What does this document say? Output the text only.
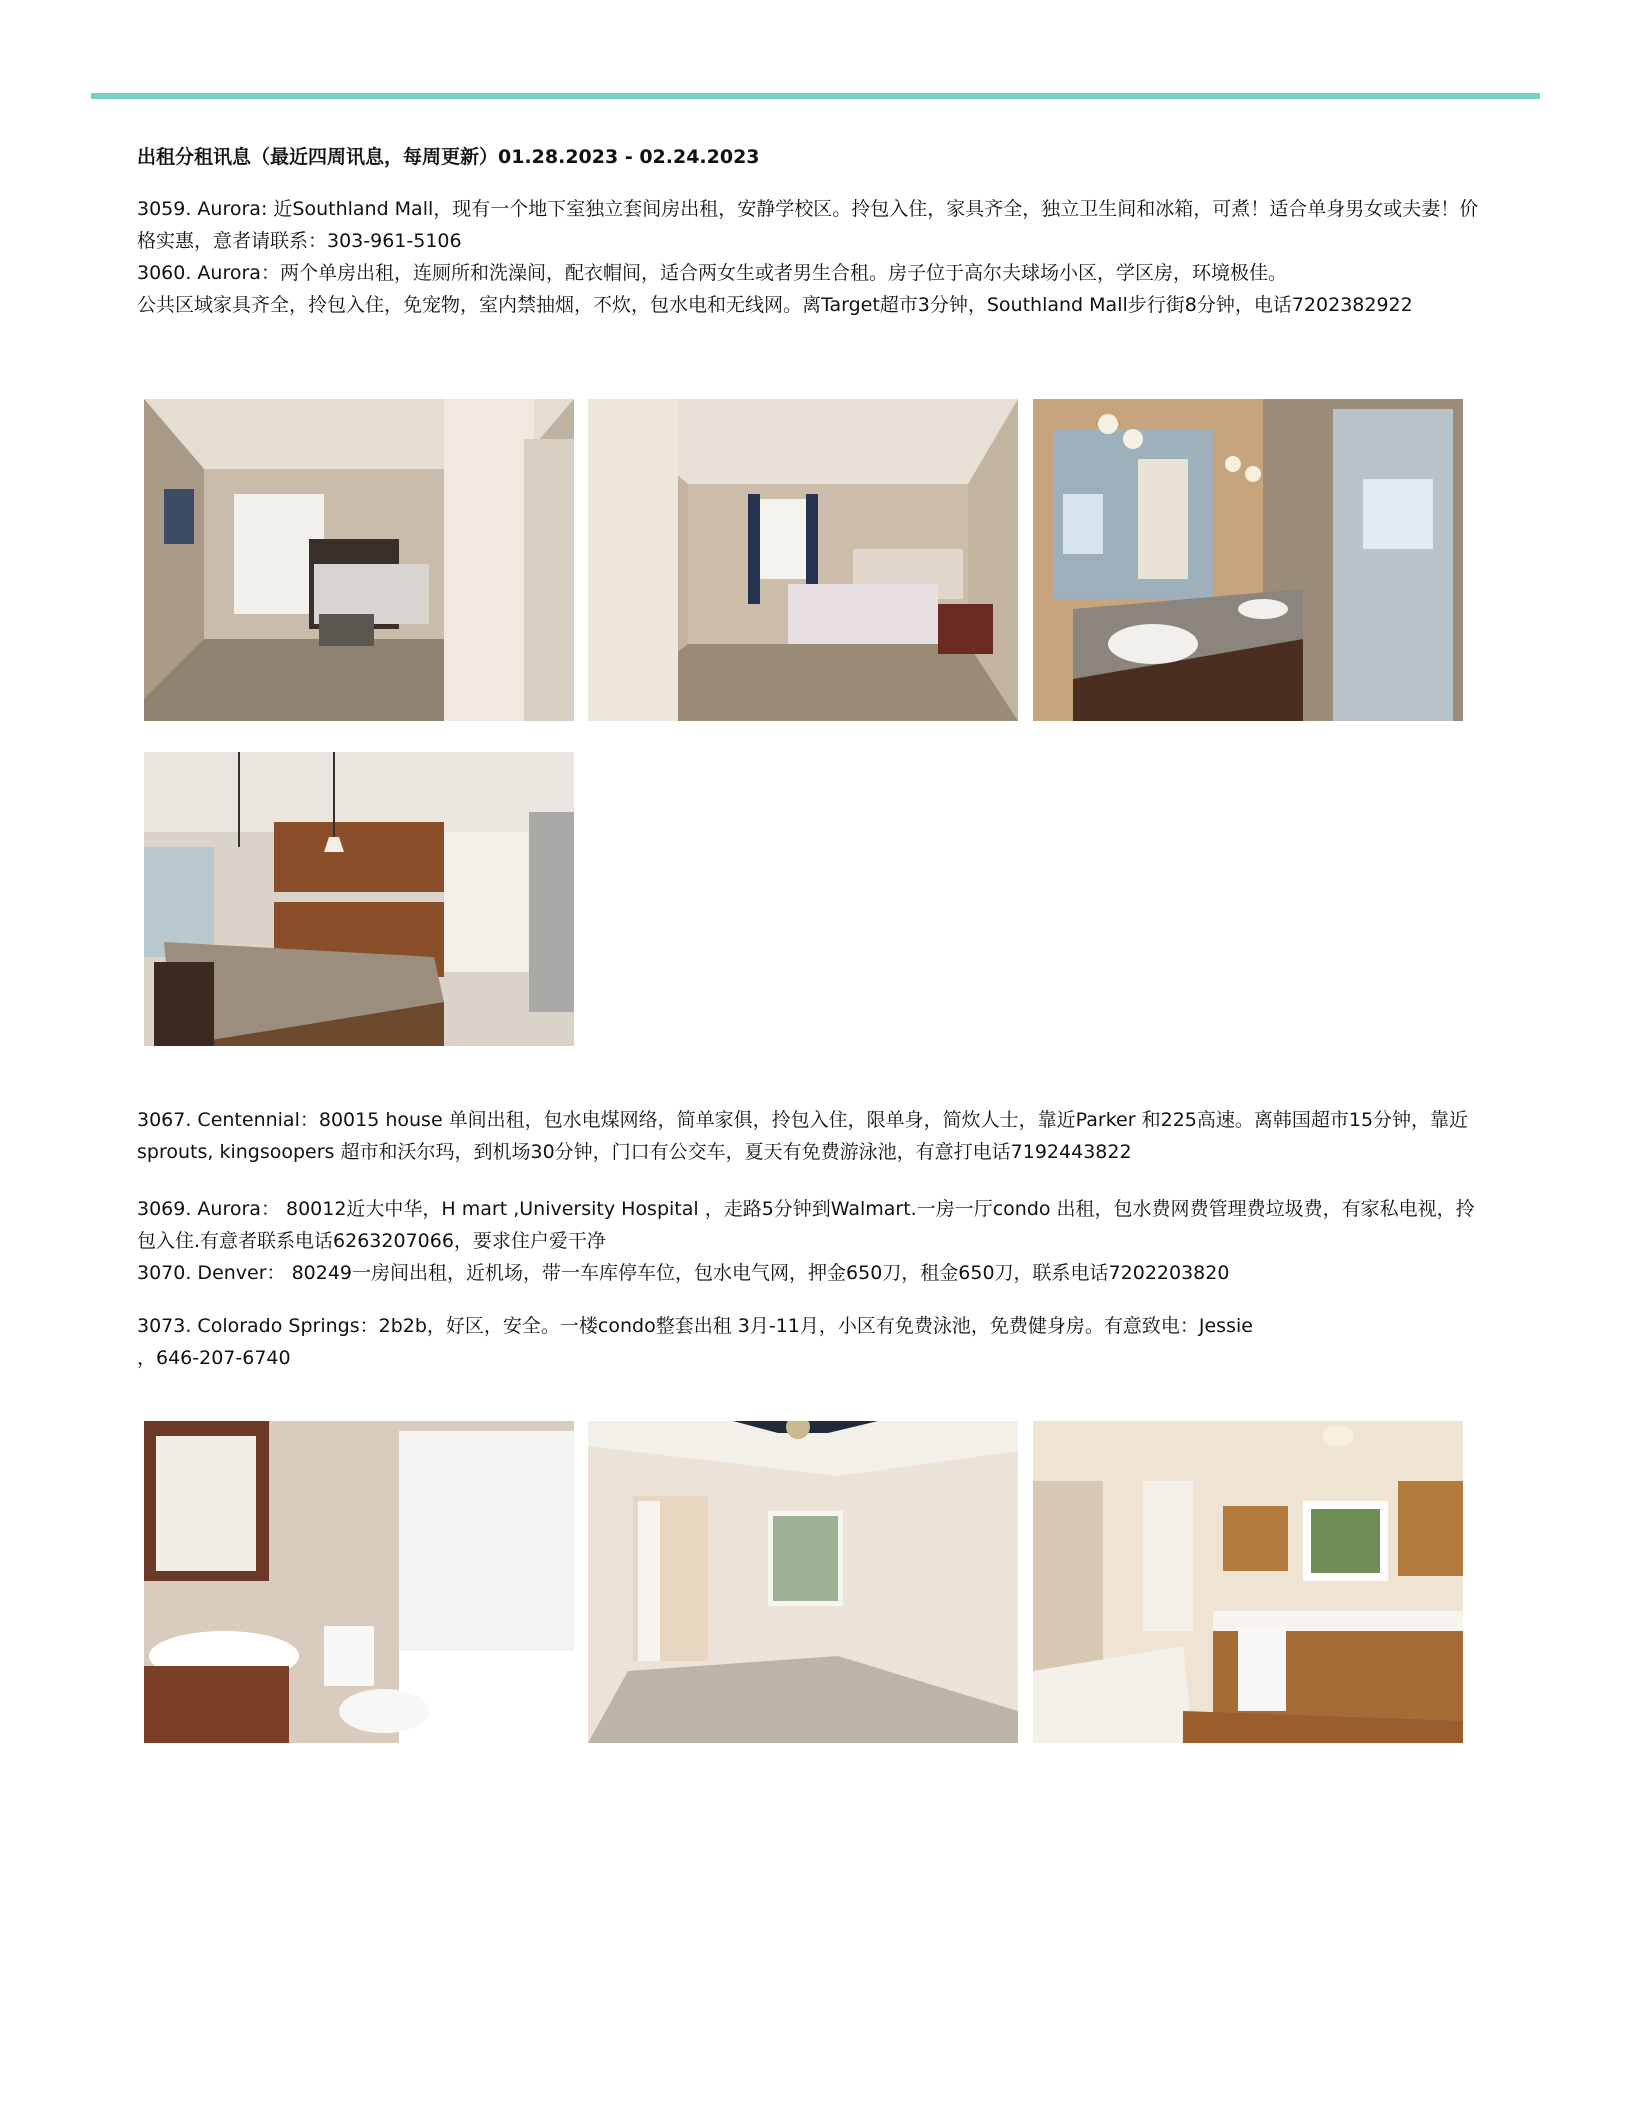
出租分租讯息（最近四周讯息，每周更新）01.28.2023 - 02.24.2023

3059. Aurora: 近Southland Mall，现有一个地下室独立套间房出租，安静学校区。拎包入住，家具齐全，独立卫生间和冰箱，可煮！适合单身男女或夫妻！价格实惠，意者请联系：303-961-5106

3060. Aurora：两个单房出租，连厕所和洗澡间，配衣帽间，适合两女生或者男生合租。房子位于高尔夫球场小区，学区房，环境极佳。

公共区域家具齐全，拎包入住，免宠物，室内禁抽烟，不炊，包水电和无线网。离Target超市3分钟，Southland Mall步行街8分钟，电话7202382922

3067. Centennial：80015 house 单间出租，包水电煤网络，简单家俱，拎包入住，限单身，简炊人士，靠近Parker 和225高速。离韩国超市15分钟，靠近sprouts, kingsoopers 超市和沃尔玛，到机场30分钟，门口有公交车，夏天有免费游泳池，有意打电话7192443822

3069. Aurora： 80012近大中华，H mart ,University Hospital ，走路5分钟到Walmart.一房一厅condo 出租，包水费网费管理费垃圾费，有家私电视，拎包入住.有意者联系电话6263207066，要求住户爱干净

3070. Denver： 80249一房间出租，近机场，带一车库停车位，包水电气网，押金650刀，租金650刀，联系电话7202203820

3073. Colorado Springs：2b2b，好区，安全。一楼condo整套出租 3月-11月，小区有免费泳池，免费健身房。有意致电：Jessie

，646-207-6740
